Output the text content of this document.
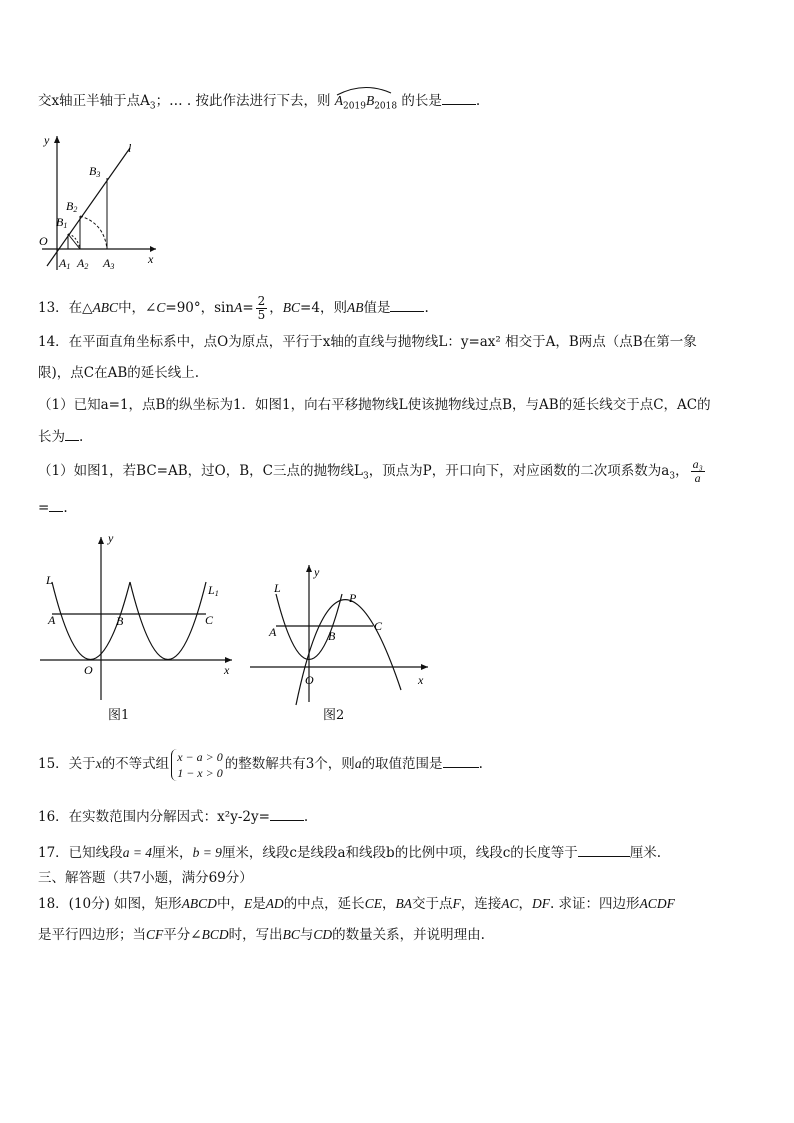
交x轴正半轴于点$A_3$；… . 按此作法进行下去，则 $A_{2019}B_{2018}$ 的长是	.
y
l
O
x
B3
B2
B1
A1 A2 A3
13．在△ABC中，∠C=90°，$\sin A= \frac{2}{5}$ ，BC=4，则AB值是	.
14．在平面直角坐标系中，点O为原点，平行于x轴的直线与抛物线L：y=ax² 相交于A，B两点（点B在第一象
限)，点C在AB的延长线上.
（1）已知a=1，点B的纵坐标为1．如图1，向右平移抛物线L使该抛物线过点B，与AB的延长线交于点C，AC的
长为 .
（1）如图1，若BC=AB，过O，B，C三点的抛物线$L_3$，顶点为P，开口向下，对应函数的二次项系数为$a_3$， $\frac{\text{a₃}}{a}$
= .
y
L
L1
A	B	C
O	x
图1
y
L
P
A	B
C
O	x
图2
15．关于x的不等式组 x − a > 0
1 − x > 0
的整数解共有3个，则a的取值范围是	.
16．在实数范围内分解因式：x²y-2y=	.
17．已知线段a = 4厘米，b = 9厘米，线段c是线段a和线段b的比例中项，线段c的长度等于	厘米.
三、解答题（共7小题，满分69分）
18．(10分) 如图，矩形ABCD中，E是AD的中点，延长CE，BA交于点F，连接AC，DF. 求证：四边形ACDF
是平行四边形；当CF平分∠BCD时，写出BC与CD的数量关系，并说明理由.
